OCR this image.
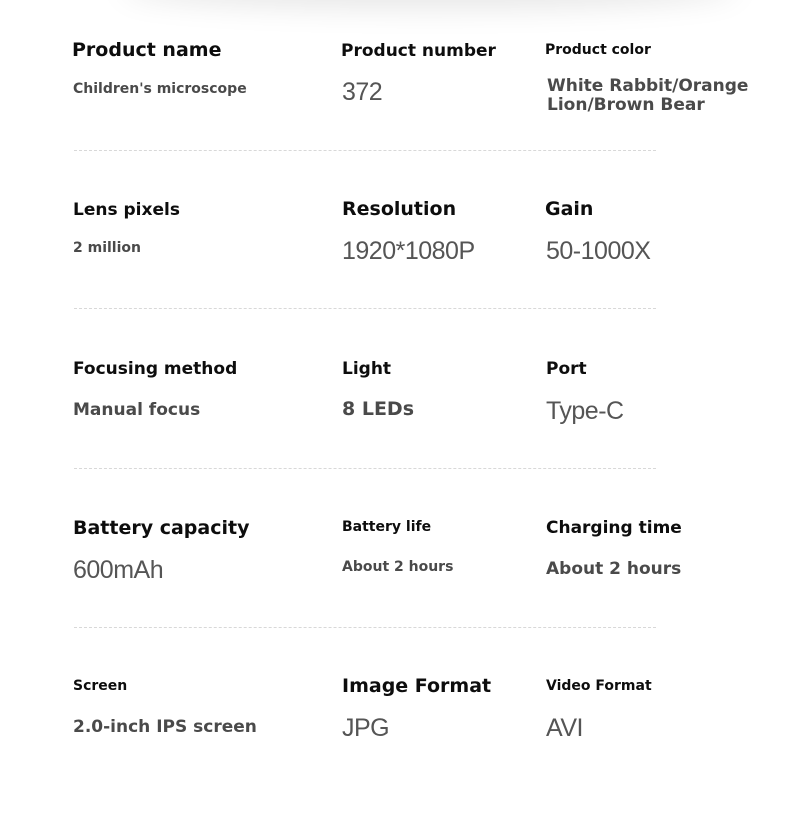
Product name
Children's microscope
Product number
372
Product color
White Rabbit/Orange
Lion/Brown Bear
Lens pixels
2 million
Resolution
1920*1080P
Gain
50-1000X
Focusing method
Manual focus
Light
8 LEDs
Port
Type-C
Battery capacity
600mAh
Battery life
About 2 hours
Charging time
About 2 hours
Screen
2.0-inch IPS screen
Image Format
JPG
Video Format
AVI
